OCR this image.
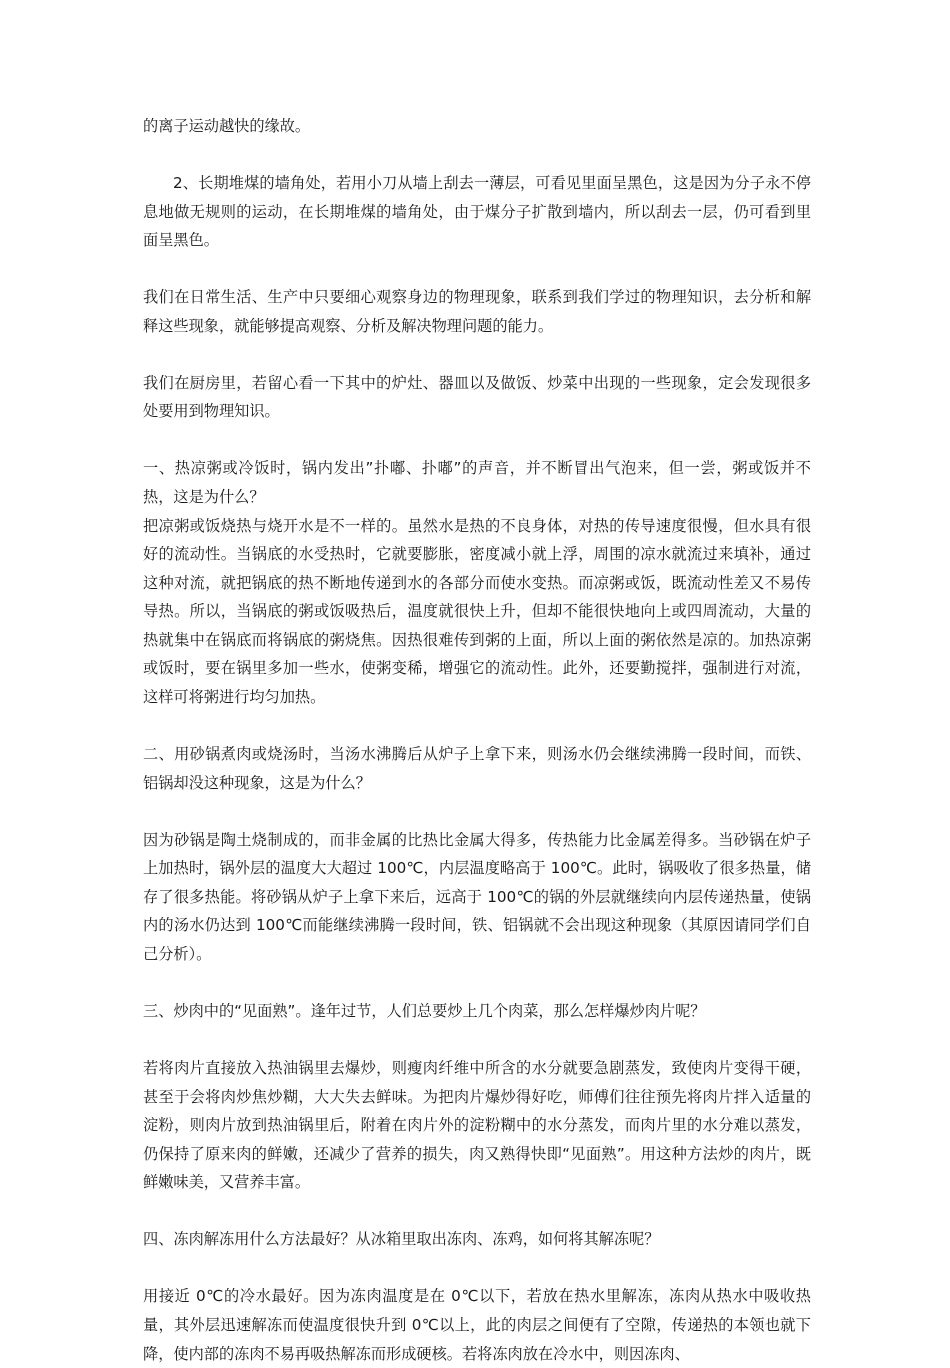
的离子运动越快的缘故。

2、长期堆煤的墙角处，若用小刀从墙上刮去一薄层，可看见里面呈黑色，这是因为分子永不停息地做无规则的运动，在长期堆煤的墙角处，由于煤分子扩散到墙内，所以刮去一层，仍可看到里面呈黑色。

我们在日常生活、生产中只要细心观察身边的物理现象，联系到我们学过的物理知识，去分析和解释这些现象，就能够提高观察、分析及解决物理问题的能力。

我们在厨房里，若留心看一下其中的炉灶、器皿以及做饭、炒菜中出现的一些现象，定会发现很多处要用到物理知识。

一、热凉粥或冷饭时，锅内发出”扑嘟、扑嘟”的声音，并不断冒出气泡来，但一尝，粥或饭并不热，这是为什么？

把凉粥或饭烧热与烧开水是不一样的。虽然水是热的不良身体，对热的传导速度很慢，但水具有很好的流动性。当锅底的水受热时，它就要膨胀，密度减小就上浮，周围的凉水就流过来填补，通过这种对流，就把锅底的热不断地传递到水的各部分而使水变热。而凉粥或饭，既流动性差又不易传导热。所以，当锅底的粥或饭吸热后，温度就很快上升，但却不能很快地向上或四周流动，大量的热就集中在锅底而将锅底的粥烧焦。因热很难传到粥的上面，所以上面的粥依然是凉的。加热凉粥或饭时，要在锅里多加一些水，使粥变稀，增强它的流动性。此外，还要勤搅拌，强制进行对流，这样可将粥进行均匀加热。

二、用砂锅煮肉或烧汤时，当汤水沸腾后从炉子上拿下来，则汤水仍会继续沸腾一段时间，而铁、铝锅却没这种现象，这是为什么？

因为砂锅是陶土烧制成的，而非金属的比热比金属大得多，传热能力比金属差得多。当砂锅在炉子上加热时，锅外层的温度大大超过 100℃，内层温度略高于 100℃。此时，锅吸收了很多热量，储存了很多热能。将砂锅从炉子上拿下来后，远高于 100℃的锅的外层就继续向内层传递热量，使锅内的汤水仍达到 100℃而能继续沸腾一段时间，铁、铝锅就不会出现这种现象（其原因请同学们自己分析）。

三、炒肉中的“见面熟”。逢年过节，人们总要炒上几个肉菜，那么怎样爆炒肉片呢？

若将肉片直接放入热油锅里去爆炒，则瘦肉纤维中所含的水分就要急剧蒸发，致使肉片变得干硬，甚至于会将肉炒焦炒糊，大大失去鲜味。为把肉片爆炒得好吃，师傅们往往预先将肉片拌入适量的淀粉，则肉片放到热油锅里后，附着在肉片外的淀粉糊中的水分蒸发，而肉片里的水分难以蒸发，仍保持了原来肉的鲜嫩，还减少了营养的损失，肉又熟得快即“见面熟”。用这种方法炒的肉片，既鲜嫩味美，又营养丰富。

四、冻肉解冻用什么方法最好？从冰箱里取出冻肉、冻鸡，如何将其解冻呢？

用接近 0℃的冷水最好。因为冻肉温度是在 0℃以下，若放在热水里解冻，冻肉从热水中吸收热量，其外层迅速解冻而使温度很快升到 0℃以上，此的肉层之间便有了空隙，传递热的本领也就下降，使内部的冻肉不易再吸热解冻而形成硬核。若将冻肉放在冷水中，则因冻肉、
